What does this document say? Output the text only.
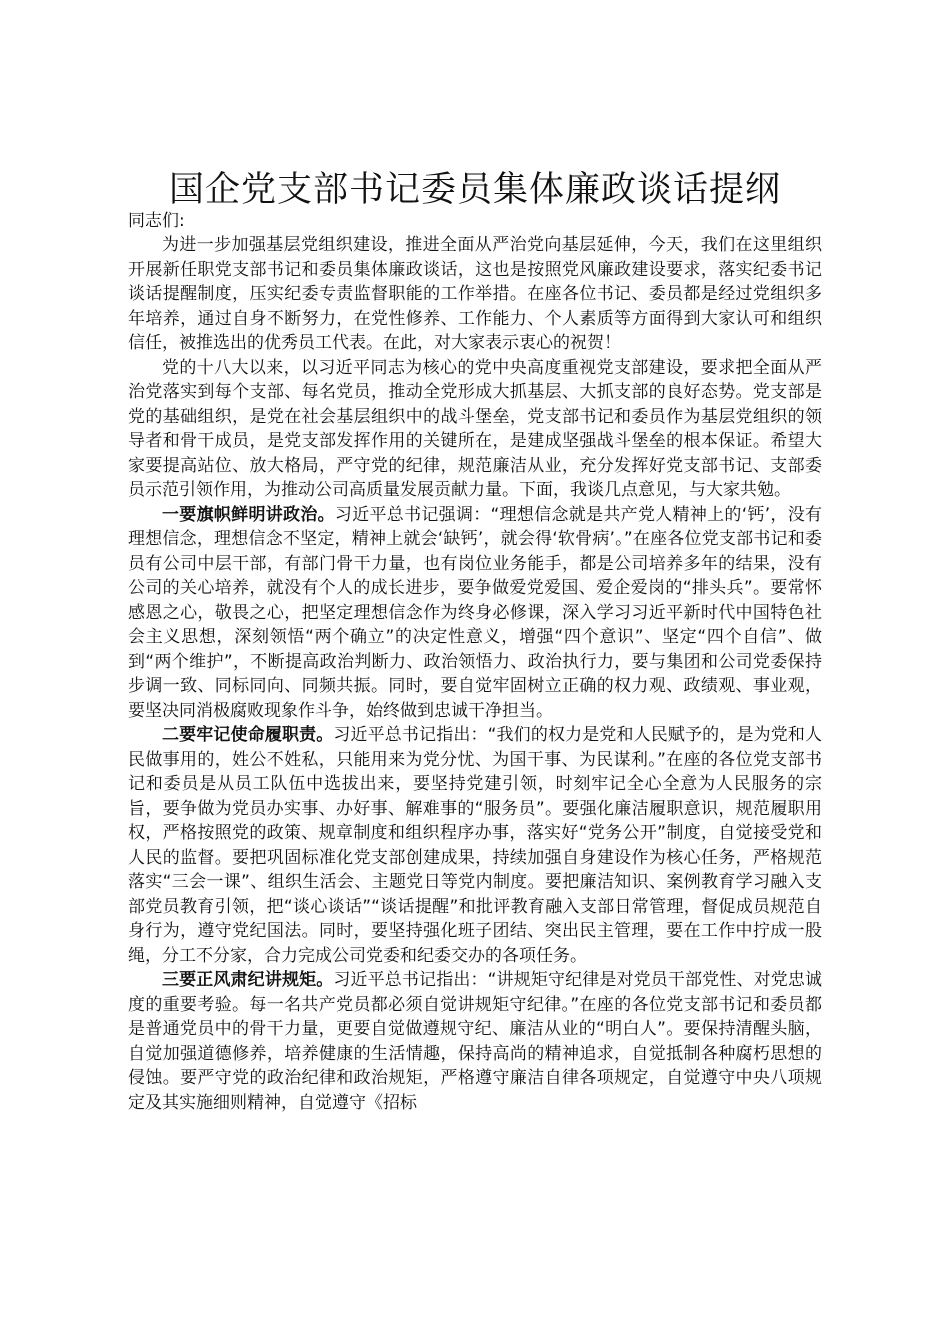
国企党支部书记委员集体廉政谈话提纲

同志们:

为进一步加强基层党组织建设，推进全面从严治党向基层延伸，今天，我们在这里组织开展新任职党支部书记和委员集体廉政谈话，这也是按照党风廉政建设要求，落实纪委书记谈话提醒制度，压实纪委专责监督职能的工作举措。在座各位书记、委员都是经过党组织多年培养，通过自身不断努力，在党性修养、工作能力、个人素质等方面得到大家认可和组织信任，被推选出的优秀员工代表。在此，对大家表示衷心的祝贺！

党的十八大以来，以习近平同志为核心的党中央高度重视党支部建设，要求把全面从严治党落实到每个支部、每名党员，推动全党形成大抓基层、大抓支部的良好态势。党支部是党的基础组织，是党在社会基层组织中的战斗堡垒，党支部书记和委员作为基层党组织的领导者和骨干成员，是党支部发挥作用的关键所在，是建成坚强战斗堡垒的根本保证。希望大家要提高站位、放大格局，严守党的纪律，规范廉洁从业，充分发挥好党支部书记、支部委员示范引领作用，为推动公司高质量发展贡献力量。下面，我谈几点意见，与大家共勉。

一要旗帜鲜明讲政治。习近平总书记强调：“理想信念就是共产党人精神上的‘钙’，没有理想信念，理想信念不坚定，精神上就会‘缺钙’，就会得‘软骨病’。”在座各位党支部书记和委员有公司中层干部，有部门骨干力量，也有岗位业务能手，都是公司培养多年的结果，没有公司的关心培养，就没有个人的成长进步，要争做爱党爱国、爱企爱岗的“排头兵”。要常怀感恩之心，敬畏之心，把坚定理想信念作为终身必修课，深入学习习近平新时代中国特色社会主义思想，深刻领悟“两个确立”的决定性意义，增强“四个意识”、坚定“四个自信”、做到“两个维护”，不断提高政治判断力、政治领悟力、政治执行力，要与集团和公司党委保持步调一致、同标同向、同频共振。同时，要自觉牢固树立正确的权力观、政绩观、事业观，要坚决同消极腐败现象作斗争，始终做到忠诚干净担当。

二要牢记使命履职责。习近平总书记指出：“我们的权力是党和人民赋予的，是为党和人民做事用的，姓公不姓私，只能用来为党分忧、为国干事、为民谋利。”在座的各位党支部书记和委员是从员工队伍中选拔出来，要坚持党建引领，时刻牢记全心全意为人民服务的宗旨，要争做为党员办实事、办好事、解难事的“服务员”。要强化廉洁履职意识，规范履职用权，严格按照党的政策、规章制度和组织程序办事，落实好“党务公开”制度，自觉接受党和人民的监督。要把巩固标准化党支部创建成果，持续加强自身建设作为核心任务，严格规范落实“三会一课”、组织生活会、主题党日等党内制度。要把廉洁知识、案例教育学习融入支部党员教育引领，把“谈心谈话”“谈话提醒”和批评教育融入支部日常管理，督促成员规范自身行为，遵守党纪国法。同时，要坚持强化班子团结、突出民主管理，要在工作中拧成一股绳，分工不分家，合力完成公司党委和纪委交办的各项任务。

三要正风肃纪讲规矩。习近平总书记指出：“讲规矩守纪律是对党员干部党性、对党忠诚度的重要考验。每一名共产党员都必须自觉讲规矩守纪律。”在座的各位党支部书记和委员都是普通党员中的骨干力量，更要自觉做遵规守纪、廉洁从业的“明白人”。要保持清醒头脑，自觉加强道德修养，培养健康的生活情趣，保持高尚的精神追求，自觉抵制各种腐朽思想的侵蚀。要严守党的政治纪律和政治规矩，严格遵守廉洁自律各项规定，自觉遵守中央八项规定及其实施细则精神，自觉遵守《招标
